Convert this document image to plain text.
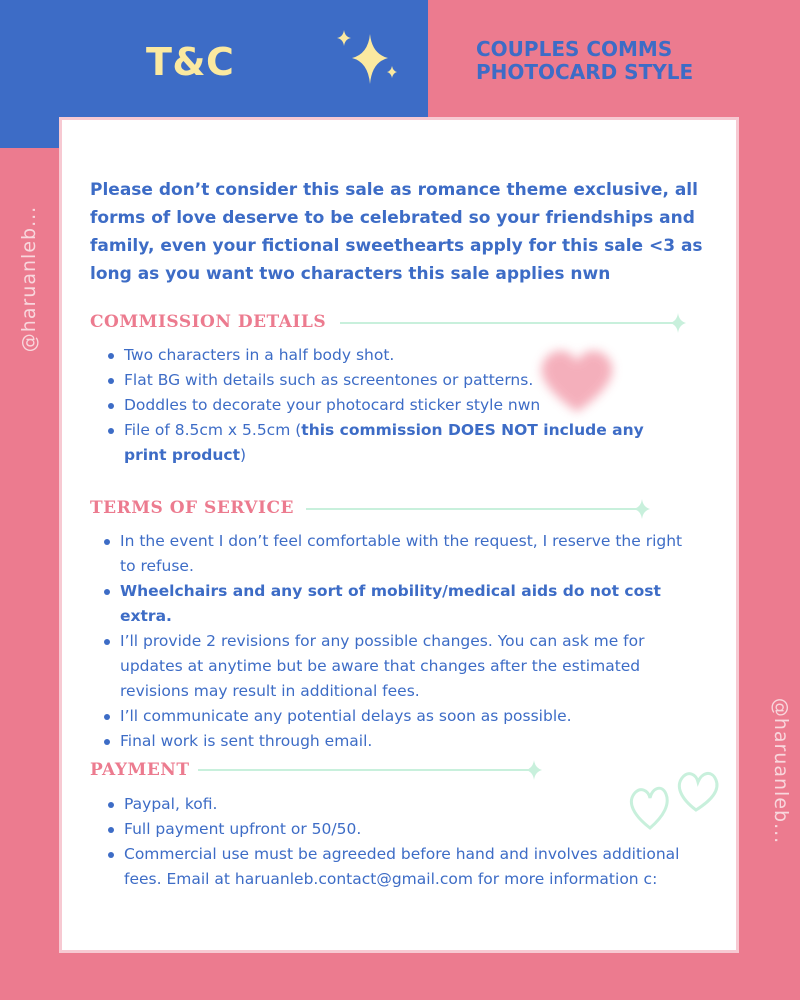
T&C	COUPLES COMMS
PHOTOCARD STYLE
@haruanleb...
@haruanleb...
Please don’t consider this sale as romance theme exclusive, all forms of love deserve to be celebrated so your friendships and family, even your fictional sweethearts apply for this sale <3 as long as you want two characters this sale applies nwn
COMMISSION DETAILS
Two characters in a half body shot.
Flat BG with details such as screentones or patterns.
Doddles to decorate your photocard sticker style nwn
File of 8.5cm x 5.5cm (this commission DOES NOT include any print product)
TERMS OF SERVICE
In the event I don’t feel comfortable with the request, I reserve the right to refuse.
Wheelchairs and any sort of mobility/medical aids do not cost extra.
I’ll provide 2 revisions for any possible changes. You can ask me for updates at anytime but be aware that changes after the estimated revisions may result in additional fees.
I’ll communicate any potential delays as soon as possible.
Final work is sent through email.
PAYMENT
Paypal, kofi.
Full payment upfront or 50/50.
Commercial use must be agreeded before hand and involves additional fees. Email at haruanleb.contact@gmail.com for more information c:
